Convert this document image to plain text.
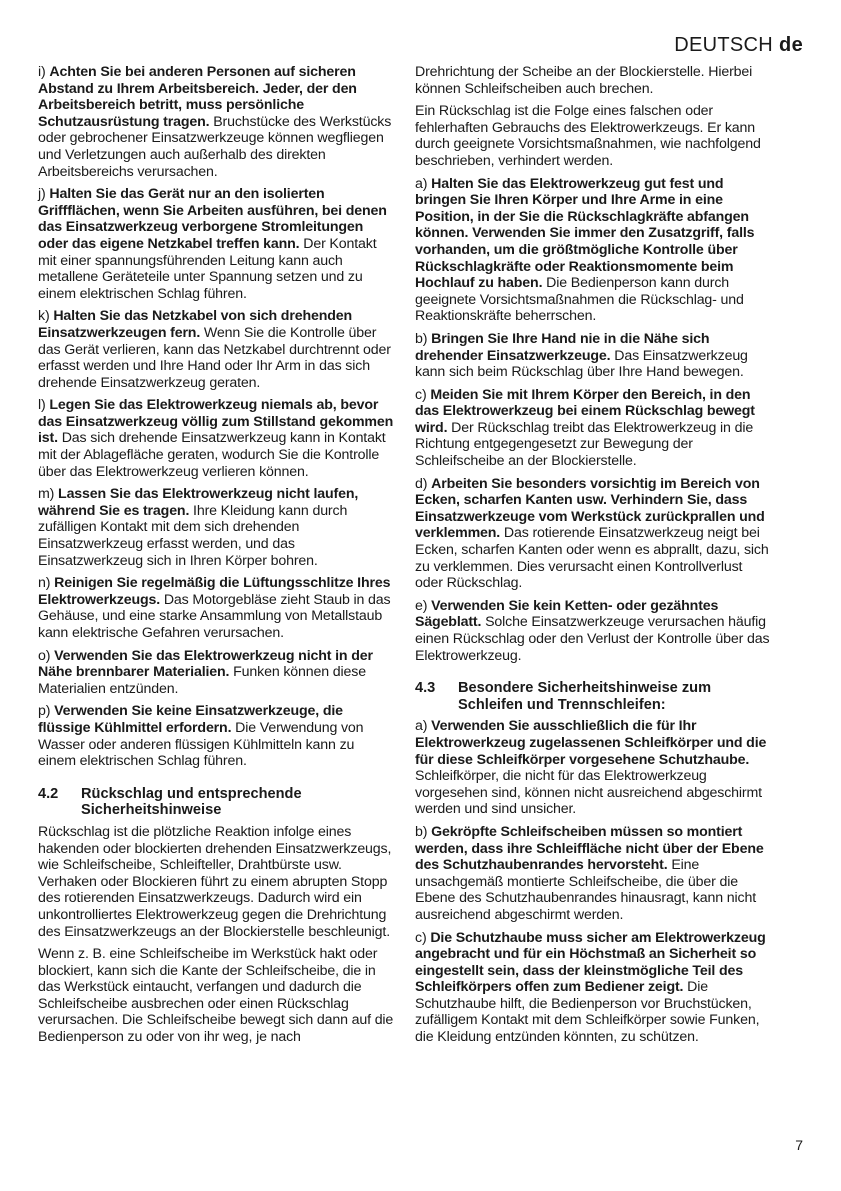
DEUTSCH de

i) Achten Sie bei anderen Personen auf sicheren Abstand zu Ihrem Arbeitsbereich. Jeder, der den Arbeitsbereich betritt, muss persönliche Schutzausrüstung tragen. Bruchstücke des Werkstücks oder gebrochener Einsatzwerkzeuge können wegfliegen und Verletzungen auch außerhalb des direkten Arbeitsbereichs verursachen.

j) Halten Sie das Gerät nur an den isolierten Griffflächen, wenn Sie Arbeiten ausführen, bei denen das Einsatzwerkzeug verborgene Stromleitungen oder das eigene Netzkabel treffen kann. Der Kontakt mit einer spannungsführenden Leitung kann auch metallene Geräteteile unter Spannung setzen und zu einem elektrischen Schlag führen.

k) Halten Sie das Netzkabel von sich drehenden Einsatzwerkzeugen fern. Wenn Sie die Kontrolle über das Gerät verlieren, kann das Netzkabel durchtrennt oder erfasst werden und Ihre Hand oder Ihr Arm in das sich drehende Einsatzwerkzeug geraten.

l) Legen Sie das Elektrowerkzeug niemals ab, bevor das Einsatzwerkzeug völlig zum Stillstand gekommen ist. Das sich drehende Einsatzwerkzeug kann in Kontakt mit der Ablagefläche geraten, wodurch Sie die Kontrolle über das Elektrowerkzeug verlieren können.

m) Lassen Sie das Elektrowerkzeug nicht laufen, während Sie es tragen. Ihre Kleidung kann durch zufälligen Kontakt mit dem sich drehenden Einsatzwerkzeug erfasst werden, und das Einsatzwerkzeug sich in Ihren Körper bohren.

n) Reinigen Sie regelmäßig die Lüftungsschlitze Ihres Elektrowerkzeugs. Das Motorgebläse zieht Staub in das Gehäuse, und eine starke Ansammlung von Metallstaub kann elektrische Gefahren verursachen.

o) Verwenden Sie das Elektrowerkzeug nicht in der Nähe brennbarer Materialien. Funken können diese Materialien entzünden.

p) Verwenden Sie keine Einsatzwerkzeuge, die flüssige Kühlmittel erfordern. Die Verwendung von Wasser oder anderen flüssigen Kühlmitteln kann zu einem elektrischen Schlag führen.

4.2	Rückschlag und entsprechende Sicherheitshinweise

Rückschlag ist die plötzliche Reaktion infolge eines hakenden oder blockierten drehenden Einsatzwerkzeugs, wie Schleifscheibe, Schleifteller, Drahtbürste usw. Verhaken oder Blockieren führt zu einem abrupten Stopp des rotierenden Einsatzwerkzeugs. Dadurch wird ein unkontrolliertes Elektrowerkzeug gegen die Drehrichtung des Einsatzwerkzeugs an der Blockierstelle beschleunigt.

Wenn z. B. eine Schleifscheibe im Werkstück hakt oder blockiert, kann sich die Kante der Schleifscheibe, die in das Werkstück eintaucht, verfangen und dadurch die Schleifscheibe ausbrechen oder einen Rückschlag verursachen. Die Schleifscheibe bewegt sich dann auf die Bedienperson zu oder von ihr weg, je nach

Drehrichtung der Scheibe an der Blockierstelle. Hierbei können Schleifscheiben auch brechen.

Ein Rückschlag ist die Folge eines falschen oder fehlerhaften Gebrauchs des Elektrowerkzeugs. Er kann durch geeignete Vorsichtsmaßnahmen, wie nachfolgend beschrieben, verhindert werden.

a) Halten Sie das Elektrowerkzeug gut fest und bringen Sie Ihren Körper und Ihre Arme in eine Position, in der Sie die Rückschlagkräfte abfangen können. Verwenden Sie immer den Zusatzgriff, falls vorhanden, um die größtmögliche Kontrolle über Rückschlagkräfte oder Reaktionsmomente beim Hochlauf zu haben. Die Bedienperson kann durch geeignete Vorsichtsmaßnahmen die Rückschlag- und Reaktionskräfte beherrschen.

b) Bringen Sie Ihre Hand nie in die Nähe sich drehender Einsatzwerkzeuge. Das Einsatzwerkzeug kann sich beim Rückschlag über Ihre Hand bewegen.

c) Meiden Sie mit Ihrem Körper den Bereich, in den das Elektrowerkzeug bei einem Rückschlag bewegt wird. Der Rückschlag treibt das Elektrowerkzeug in die Richtung entgegengesetzt zur Bewegung der Schleifscheibe an der Blockierstelle.

d) Arbeiten Sie besonders vorsichtig im Bereich von Ecken, scharfen Kanten usw. Verhindern Sie, dass Einsatzwerkzeuge vom Werkstück zurückprallen und verklemmen. Das rotierende Einsatzwerkzeug neigt bei Ecken, scharfen Kanten oder wenn es abprallt, dazu, sich zu verklemmen. Dies verursacht einen Kontrollverlust oder Rückschlag.

e) Verwenden Sie kein Ketten- oder gezähntes Sägeblatt. Solche Einsatzwerkzeuge verursachen häufig einen Rückschlag oder den Verlust der Kontrolle über das Elektrowerkzeug.

4.3	Besondere Sicherheitshinweise zum Schleifen und Trennschleifen:

a) Verwenden Sie ausschließlich die für Ihr Elektrowerkzeug zugelassenen Schleifkörper und die für diese Schleifkörper vorgesehene Schutzhaube. Schleifkörper, die nicht für das Elektrowerkzeug vorgesehen sind, können nicht ausreichend abgeschirmt werden und sind unsicher.

b) Gekröpfte Schleifscheiben müssen so montiert werden, dass ihre Schleiffläche nicht über der Ebene des Schutzhaubenrandes hervorsteht. Eine unsachgemäß montierte Schleifscheibe, die über die Ebene des Schutzhaubenrandes hinausragt, kann nicht ausreichend abgeschirmt werden.

c) Die Schutzhaube muss sicher am Elektrowerkzeug angebracht und für ein Höchstmaß an Sicherheit so eingestellt sein, dass der kleinstmögliche Teil des Schleifkörpers offen zum Bediener zeigt. Die Schutzhaube hilft, die Bedienperson vor Bruchstücken, zufälligem Kontakt mit dem Schleifkörper sowie Funken, die Kleidung entzünden könnten, zu schützen.

7
